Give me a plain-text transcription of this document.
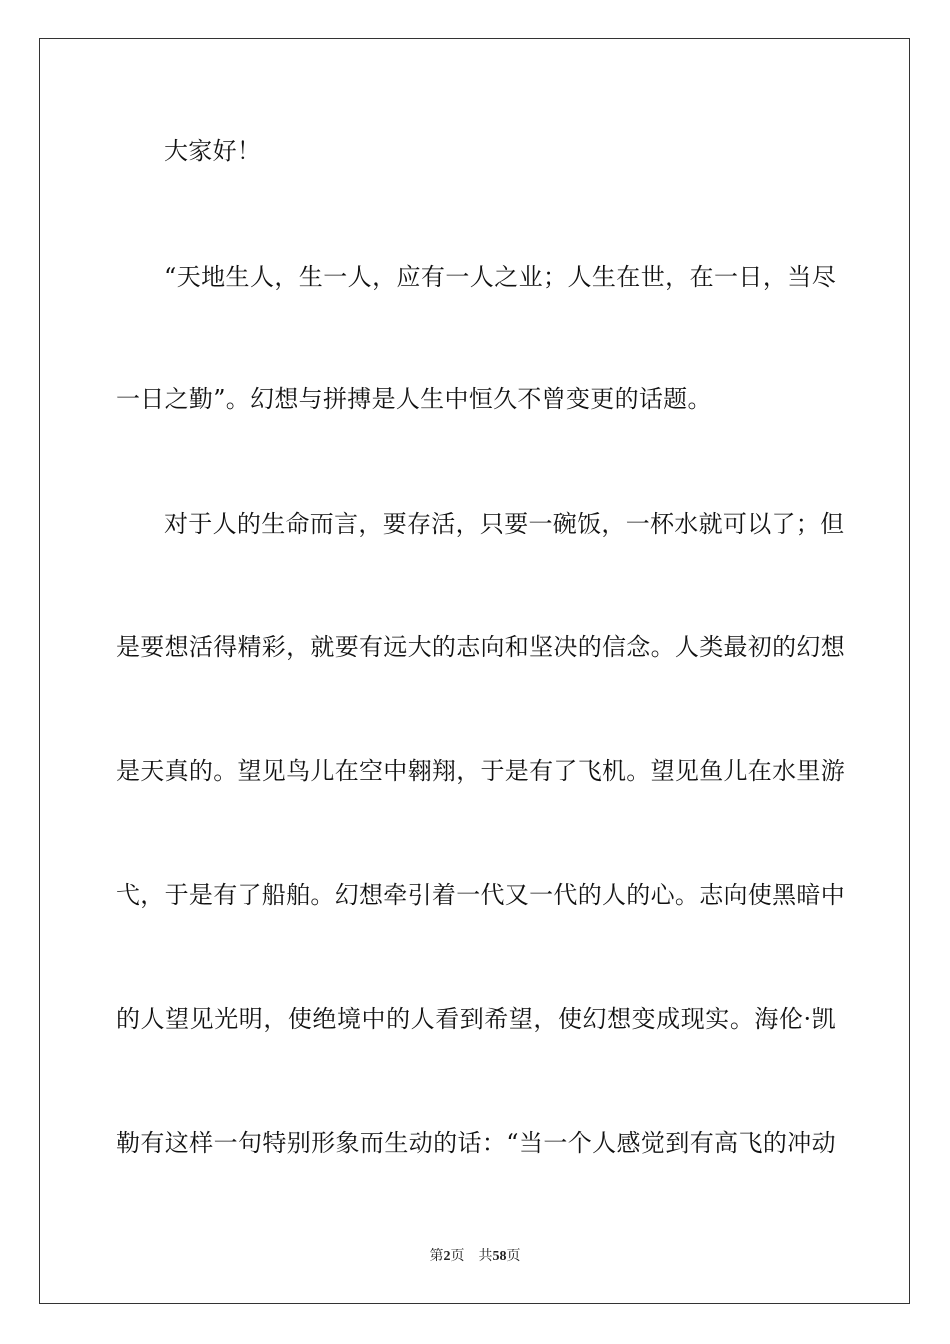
大家好！
“天地生人，生一人，应有一人之业；人生在世，在一日，当尽
一日之勤”。幻想与拼搏是人生中恒久不曾变更的话题。
对于人的生命而言，要存活，只要一碗饭，一杯水就可以了；但
是要想活得精彩，就要有远大的志向和坚决的信念。人类最初的幻想
是天真的。望见鸟儿在空中翱翔，于是有了飞机。望见鱼儿在水里游
弋，于是有了船舶。幻想牵引着一代又一代的人的心。志向使黑暗中
的人望见光明，使绝境中的人看到希望，使幻想变成现实。海伦·凯
勒有这样一句特别形象而生动的话：“当一个人感觉到有高飞的冲动
第2页 共58页
